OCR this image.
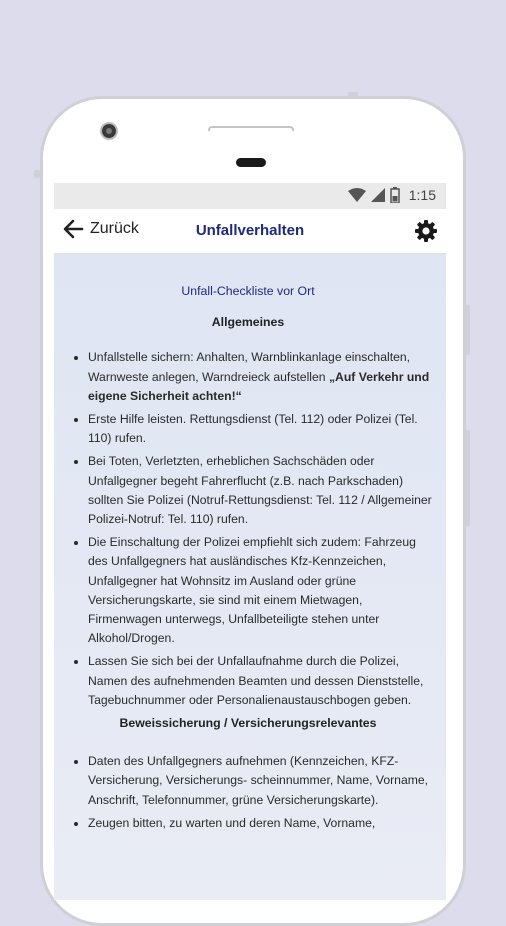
1:15
Zurück	Unfallverhalten
Unfall-Checkliste vor Ort
Allgemeines
• Unfallstelle sichern: Anhalten, Warnblinkanlage einschalten, Warnweste anlegen, Warndreieck aufstellen „Auf Verkehr und eigene Sicherheit achten!“
• Erste Hilfe leisten. Rettungsdienst (Tel. 112) oder Polizei (Tel. 110) rufen.
• Bei Toten, Verletzten, erheblichen Sachschäden oder Unfallgegner begeht Fahrerflucht (z.B. nach Parkschaden) sollten Sie Polizei (Notruf-Rettungsdienst: Tel. 112 / Allgemeiner Polizei-Notruf: Tel. 110) rufen.
• Die Einschaltung der Polizei empfiehlt sich zudem: Fahrzeug des Unfallgegners hat ausländisches Kfz-Kennzeichen, Unfallgegner hat Wohnsitz im Ausland oder grüne Versicherungskarte, sie sind mit einem Mietwagen, Firmenwagen unterwegs, Unfallbeteiligte stehen unter Alkohol/Drogen.
• Lassen Sie sich bei der Unfallaufnahme durch die Polizei, Namen des aufnehmenden Beamten und dessen Dienststelle, Tagebuchnummer oder Personalienaustauschbogen geben.
Beweissicherung / Versicherungsrelevantes
• Daten des Unfallgegners aufnehmen (Kennzeichen, KFZ-Versicherung, Versicherungs- scheinnummer, Name, Vorname, Anschrift, Telefonnummer, grüne Versicherungskarte).
• Zeugen bitten, zu warten und deren Name, Vorname,
